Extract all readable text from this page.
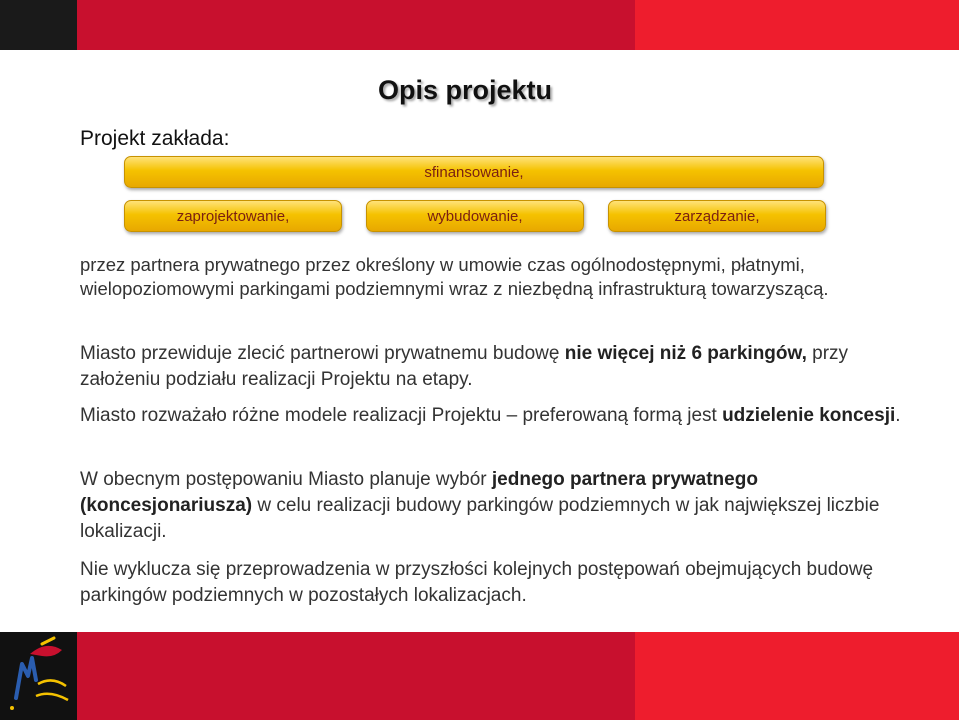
Opis projektu
Projekt zakłada:
sfinansowanie,
zaprojektowanie,	wybudowanie,	zarządzanie,
przez partnera prywatnego przez określony w umowie czas ogólnodostępnymi, płatnymi, wielopoziomowymi parkingami podziemnymi wraz z niezbędną infrastrukturą towarzyszącą.
Miasto przewiduje zlecić partnerowi prywatnemu budowę nie więcej niż 6 parkingów, przy założeniu podziału realizacji Projektu na etapy.
Miasto rozważało różne modele realizacji Projektu – preferowaną formą jest udzielenie koncesji.
W obecnym postępowaniu Miasto planuje wybór jednego partnera prywatnego (koncesjonariusza) w celu realizacji budowy parkingów podziemnych w jak największej liczbie lokalizacji.
Nie wyklucza się przeprowadzenia w przyszłości kolejnych postępowań obejmujących budowę parkingów podziemnych w pozostałych lokalizacjach.
